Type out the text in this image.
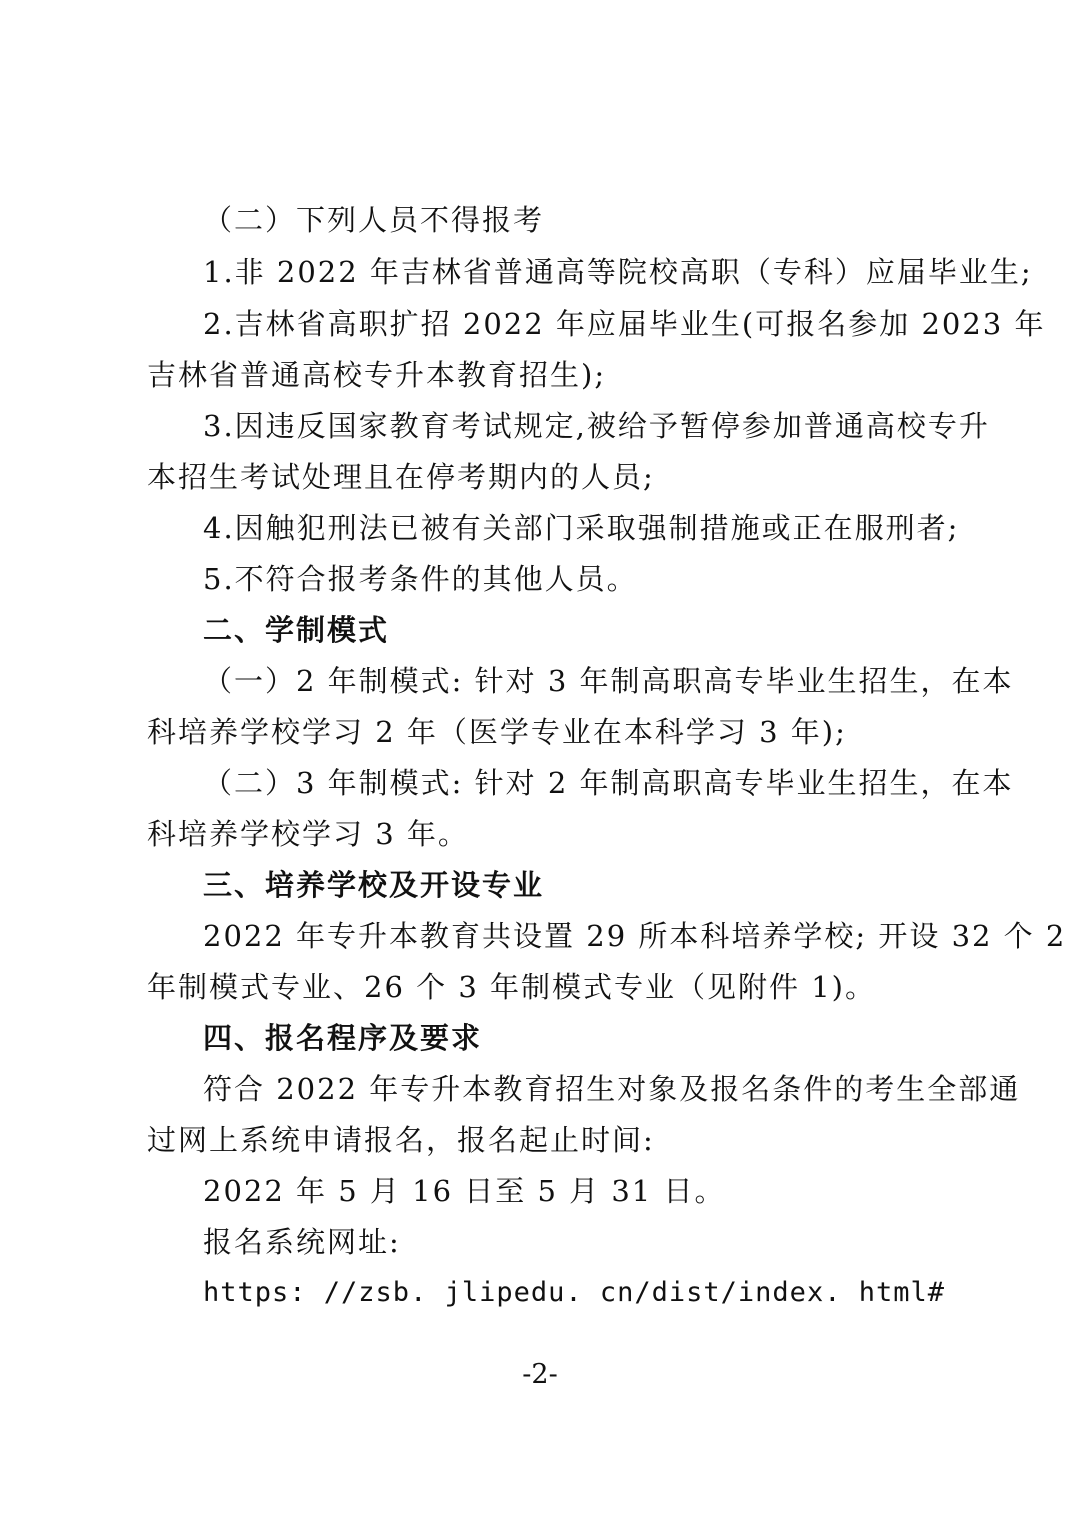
（二）下列人员不得报考
1.非 2022 年吉林省普通高等院校高职（专科）应届毕业生;
2.吉林省高职扩招 2022 年应届毕业生(可报名参加 2023 年
吉林省普通高校专升本教育招生);
3.因违反国家教育考试规定,被给予暂停参加普通高校专升
本招生考试处理且在停考期内的人员;
4.因触犯刑法已被有关部门采取强制措施或正在服刑者;
5.不符合报考条件的其他人员。
二、学制模式
（一）2 年制模式: 针对 3 年制高职高专毕业生招生，在本
科培养学校学习 2 年（医学专业在本科学习 3 年);
（二）3 年制模式: 针对 2 年制高职高专毕业生招生，在本
科培养学校学习 3 年。
三、培养学校及开设专业
2022 年专升本教育共设置 29 所本科培养学校; 开设 32 个 2
年制模式专业、26 个 3 年制模式专业（见附件 1)。
四、报名程序及要求
符合 2022 年专升本教育招生对象及报名条件的考生全部通
过网上系统申请报名，报名起止时间:
2022 年 5 月 16 日至 5 月 31 日。
报名系统网址:
https: //zsb. jlipedu. cn/dist/index. html#
-2-
